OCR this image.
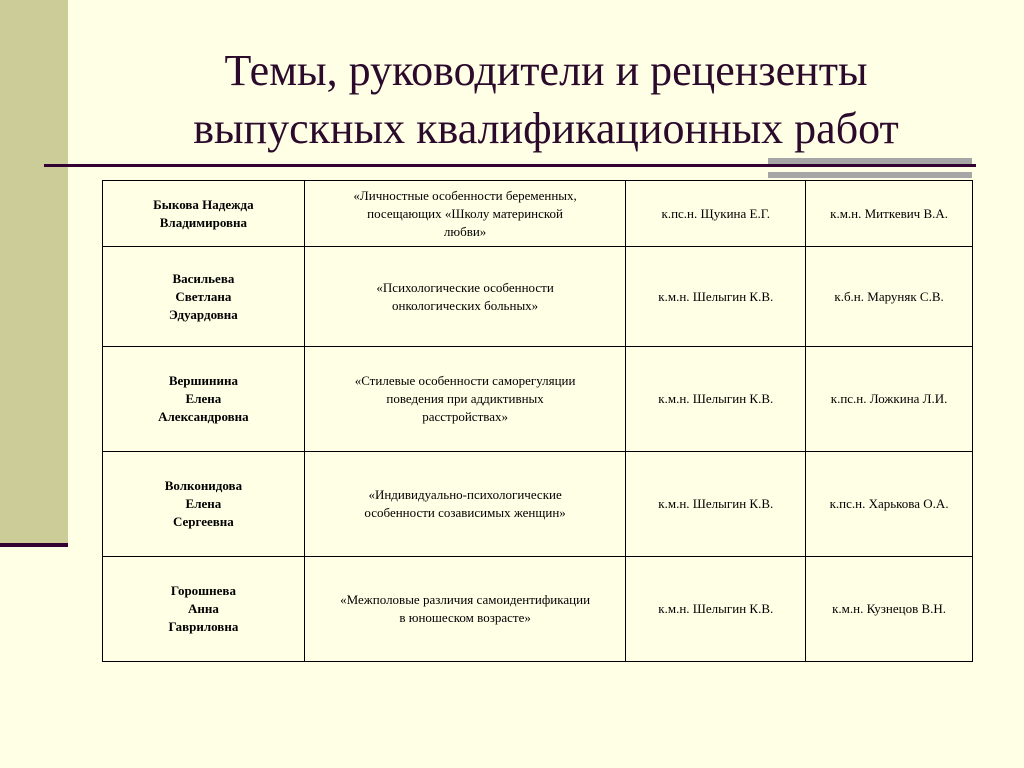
Темы, руководители и рецензенты
выпускных квалификационных работ
Быкова Надежда
Владимировна	«Личностные особенности беременных,
посещающих «Школу материнской
любви»	к.пс.н. Щукина Е.Г.	к.м.н. Миткевич В.А.

Васильева
Светлана
Эдуардовна	«Психологические особенности
онкологических больных»	к.м.н. Шелыгин К.В.	к.б.н. Маруняк С.В.

Вершинина
Елена
Александровна	«Стилевые особенности саморегуляции
поведения при аддиктивных
расстройствах»	к.м.н. Шелыгин К.В.	к.пс.н. Ложкина Л.И.

Волконидова
Елена
Сергеевна	«Индивидуально-психологические
особенности созависимых женщин»	к.м.н. Шелыгин К.В.	к.пс.н. Харькова О.А.

Горошнева
Анна
Гавриловна	«Межполовые различия самоидентификации
в юношеском возрасте»	к.м.н. Шелыгин К.В.	к.м.н. Кузнецов В.Н.
